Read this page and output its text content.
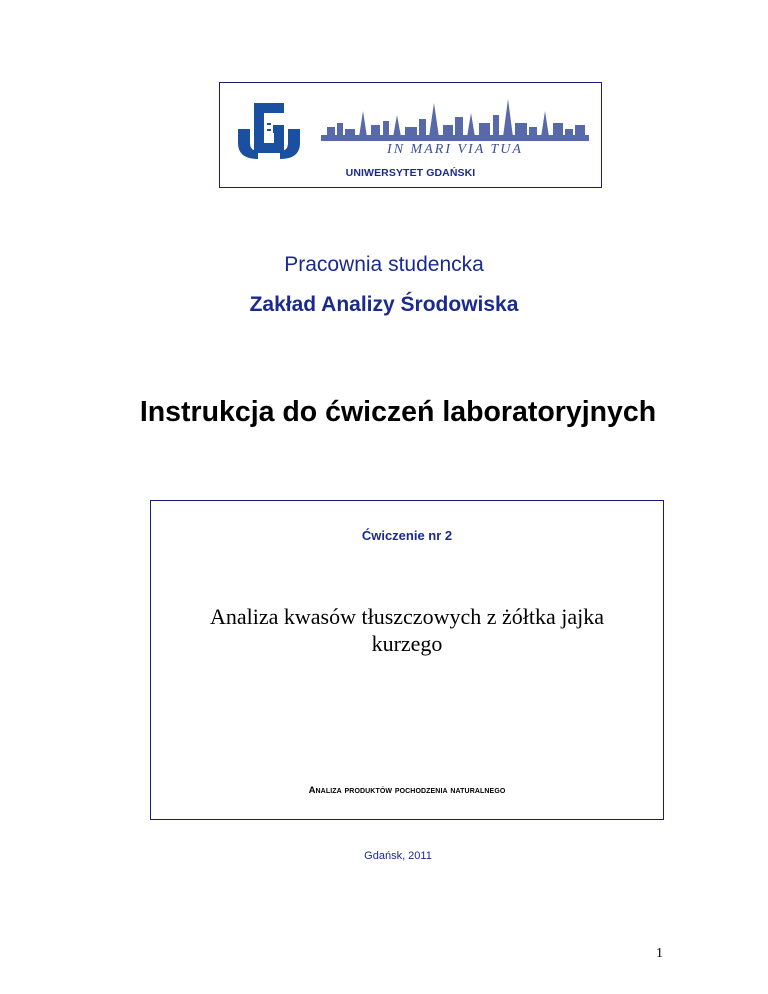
IN MARI VIA TUA
UNIWERSYTET GDAŃSKI
Pracownia studencka
Zakład Analizy Środowiska
Instrukcja do ćwiczeń laboratoryjnych
Ćwiczenie nr 2
Analiza kwasów tłuszczowych z żółtka jajka
kurzego
Analiza produktów pochodzenia naturalnego
Gdańsk, 2011
1
